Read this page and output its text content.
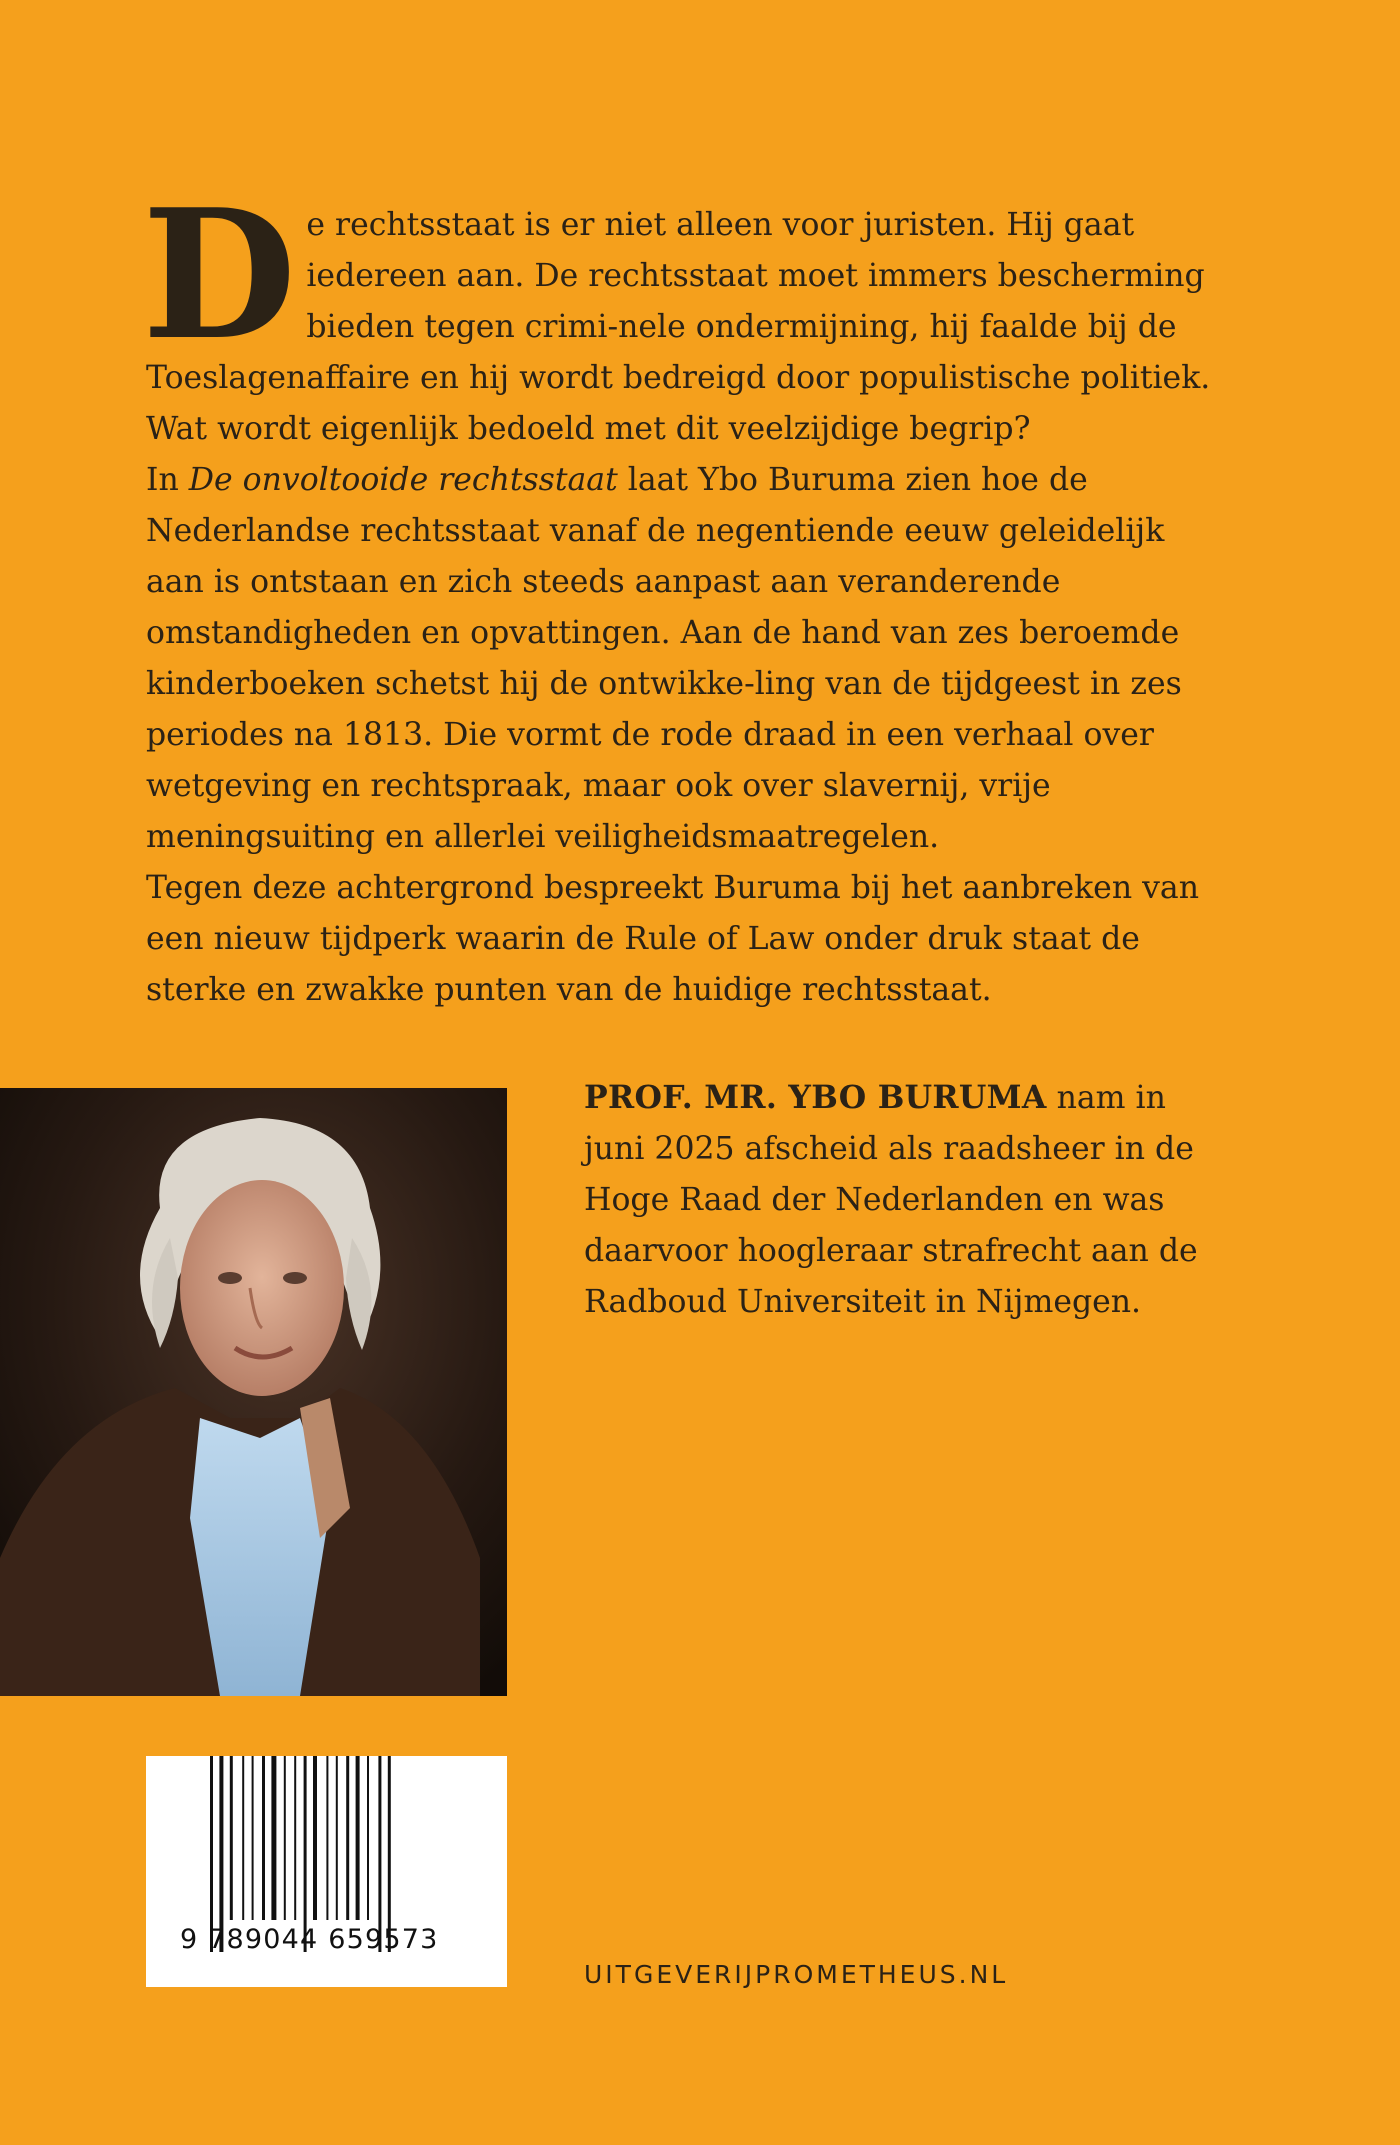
De rechtsstaat is er niet alleen voor juristen. Hij gaat iedereen aan. De rechtsstaat moet immers bescherming bieden tegen crimi-nele ondermijning, hij faalde bij de Toeslagenaffaire en hij wordt bedreigd door populistische politiek. Wat wordt eigenlijk bedoeld met dit veelzijdige begrip?

In De onvoltooide rechtsstaat laat Ybo Buruma zien hoe de Nederlandse rechtsstaat vanaf de negentiende eeuw geleidelijk aan is ontstaan en zich steeds aanpast aan veranderende omstandigheden en opvattingen. Aan de hand van zes beroemde kinderboeken schetst hij de ontwikke-ling van de tijdgeest in zes periodes na 1813. Die vormt de rode draad in een verhaal over wetgeving en rechtspraak, maar ook over slavernij, vrije meningsuiting en allerlei veiligheidsmaatregelen.

Tegen deze achtergrond bespreekt Buruma bij het aanbreken van een nieuw tijdperk waarin de Rule of Law onder druk staat de sterke en zwakke punten van de huidige rechtsstaat.

PROF. MR. YBO BURUMA nam in juni 2025 afscheid als raadsheer in de Hoge Raad der Nederlanden en was daarvoor hoogleraar strafrecht aan de Radboud Universiteit in Nijmegen.

9 789044 659573
UITGEVERIJPROMETHEUS.NL
